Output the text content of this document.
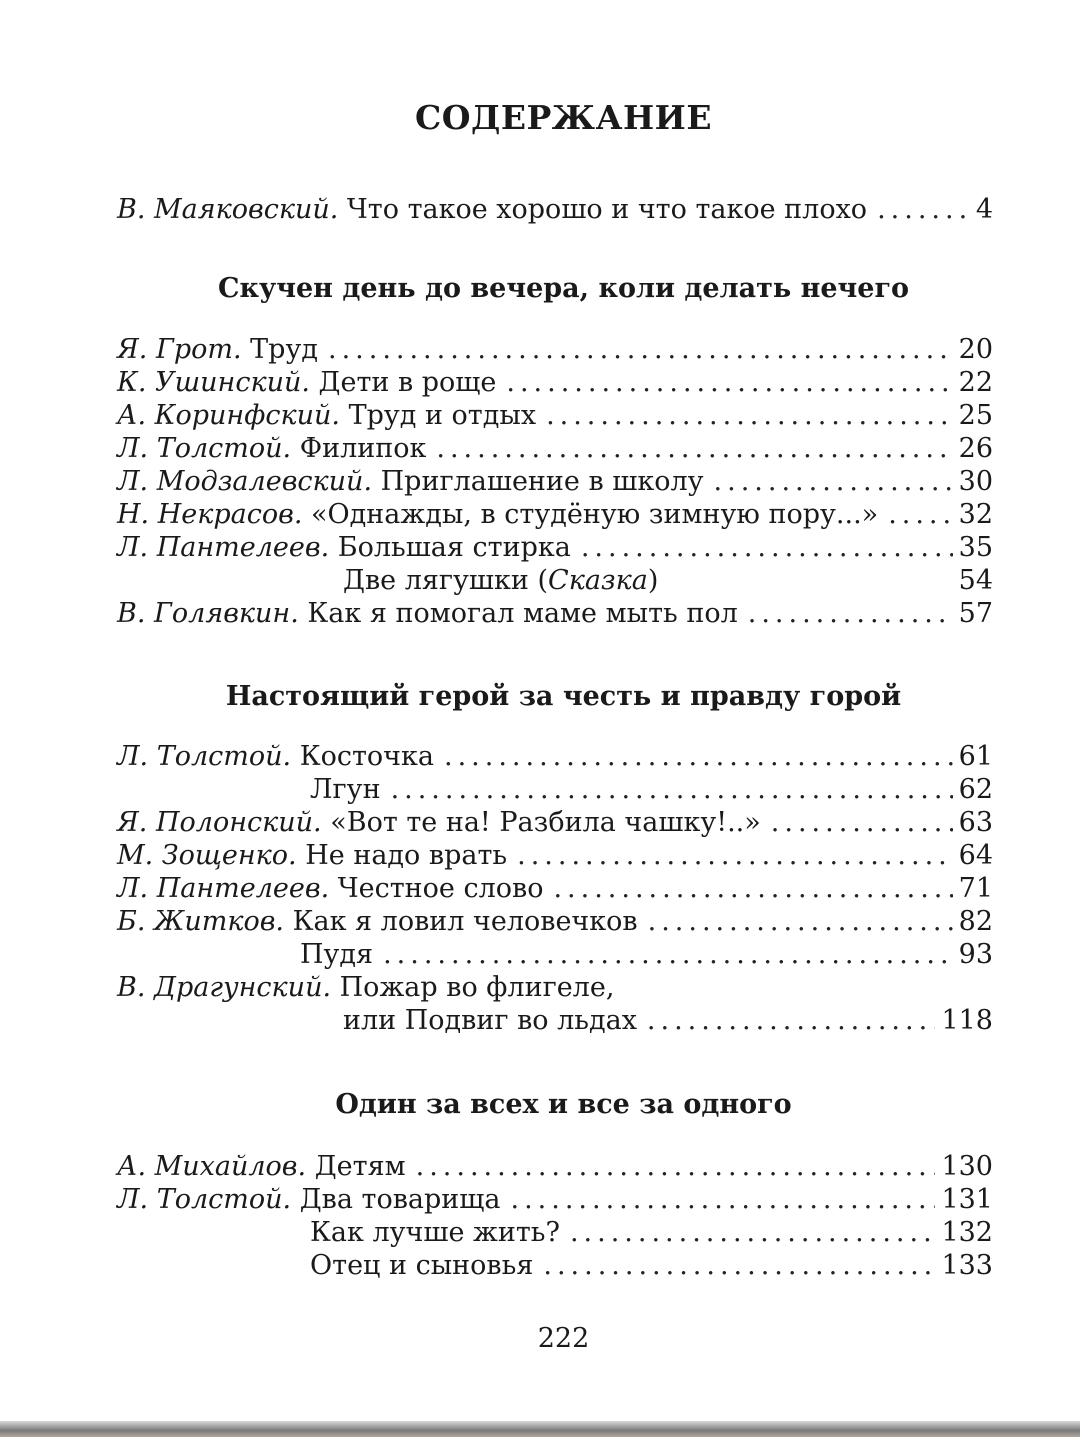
СОДЕРЖАНИЕ
В. Маяковский. Что такое хорошо и что такое плохо .....	4
Скучен день до вечера, коли делать нечего
Я. Грот. Труд .....	20
К. Ушинский. Дети в роще .....	22
А. Коринфский. Труд и отдых .....	25
Л. Толстой. Филипок .....	26
Л. Модзалевский. Приглашение в школу .....	30
Н. Некрасов. «Однажды, в студёную зимную пору...» .....	32
Л. Пантелеев. Большая стирка .....	35
Две лягушки (Сказка)	54
В. Голявкин. Как я помогал маме мыть пол .....	57
Настоящий герой за честь и правду горой
Л. Толстой. Косточка .....	61
Лгун .....	62
Я. Полонский. «Вот те на! Разбила чашку!..» .....	63
М. Зощенко. Не надо врать .....	64
Л. Пантелеев. Честное слово .....	71
Б. Житков. Как я ловил человечков .....	82
Пудя .....	93
В. Драгунский. Пожар во флигеле,
или Подвиг во льдах .....	118
Один за всех и все за одного
А. Михайлов. Детям .....	130
Л. Толстой. Два товарища .....	131
Как лучше жить? .....	132
Отец и сыновья .....	133
222
